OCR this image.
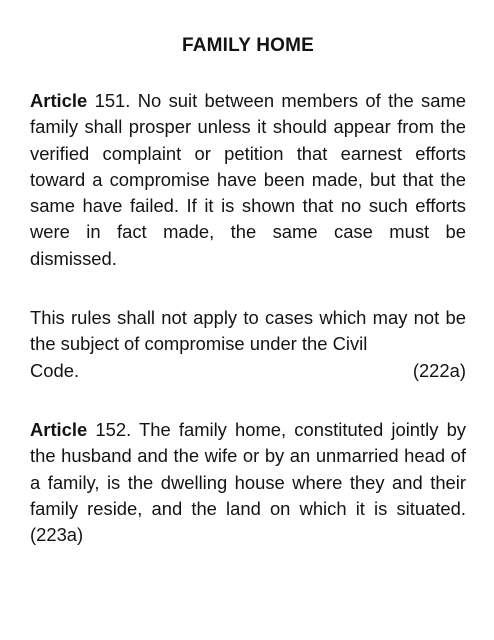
FAMILY HOME
Article 151. No suit between members of the same family shall prosper unless it should appear from the verified complaint or petition that earnest efforts toward a compromise have been made, but that the same have failed. If it is shown that no such efforts were in fact made, the same case must be dismissed.
This rules shall not apply to cases which may not be the subject of compromise under the Civil
Code.	(222a)
Article 152. The family home, constituted jointly by the husband and the wife or by an unmarried head of a family, is the dwelling house where they and their family reside, and the land on which it is situated. (223a)
